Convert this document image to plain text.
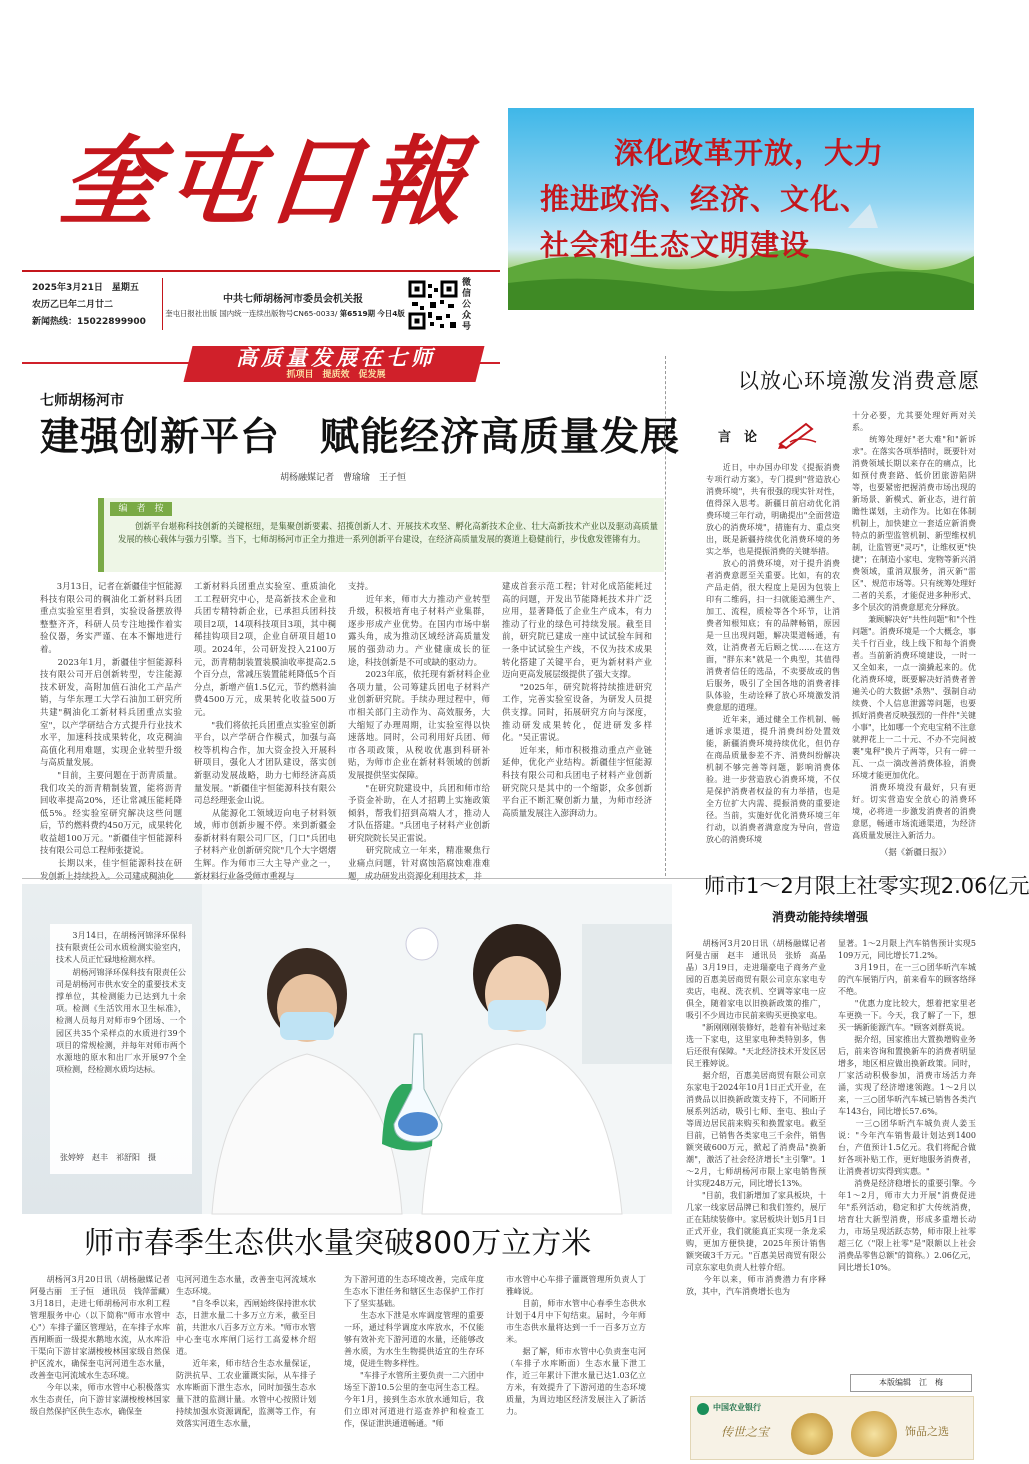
奎屯日報
2025年3月21日　星期五
农历乙巳年二月廿二
新闻热线：15022899900
中共七师胡杨河市委员会机关报
奎屯日报社出版 国内统一连续出版物号CN65-0033/ 第6519期 今日4版
微信公众号
深化改革开放，大力
推进政治、经济、文化、
社会和生态文明建设
高质量发展在七师
抓项目　提质效　促发展
七师胡杨河市
建强创新平台　赋能经济高质量发展
胡杨融媒记者　曹瑜瑜　王子恒
编　者　按
　　创新平台堪称科技创新的关键枢纽，是集聚创新要素、招揽创新人才、开展技术攻坚、孵化高新技术企业、壮大高新技术产业以及驱动高质量发展的核心载体与强力引擎。当下，七师胡杨河市正全力推进一系列创新平台建设，在经济高质量发展的赛道上稳健前行，步伐愈发铿锵有力。
　　3月13日，记者在新疆佳宇恒能源科技有限公司的稠油化工新材料兵团重点实验室里看到，实验设备摆放得整整齐齐，科研人员专注地操作着实验仪器，务实严谨、在本不懈地进行着。
　　2023年1月，新疆佳宇恒能源科技有限公司开启创新转型，专注能源技术研发，高附加值石油化工产品产销，与华东理工大学石油加工研究所共建"稠油化工新材料兵团重点实验室"，以产学研结合方式提升行业技术水平，加速科技成果转化，攻克稠油高值化利用难题，实现企业转型升级与高质量发展。
　　"目前，主要问题在于沥青质量。我们攻关的沥青精制装置，能将沥青回收率提高20%，还让常减压能耗降低5%。经实验室研究解决这些问题后，节约燃料费约450万元，成果转化收益超100万元。"新疆佳宇恒能源科技有限公司总工程师张捷说。
　　长期以来，佳宇恒能源科技在研发创新上持续投入。公司建成稠油化
工新材料兵团重点实验室、重质油化工工程研究中心，是高新技术企业和兵团专精特新企业，已承担兵团科技项目2项，14项科技项目3项，其中稠稀挂钩项目2项，企业自研项目超10项。2024年，公司研发投入2100万元，沥青精制装置装膜油收率提高2.5个百分点，常减压装置能耗降低5个百分点，新增产值1.5亿元，节约燃料油费4500万元，成果转化收益500万元。
　　"我们将依托兵团重点实验室创新平台，以产学研合作模式，加强与高校等机构合作，加大资金投入开展科研项目，强化人才团队建设，落实创新驱动发展战略，助力七师经济高质量发展。"新疆佳宇恒能源科技有限公司总经理张金山说。
　　从能源化工领域迈向电子材料领域，师市创新步履不停。来到新疆金泰新材料有限公司厂区，门口"兵团电子材料产业创新研究院"几个大字熠熠生辉。作为师市三大主导产业之一，新材料行业备受师市重视与
支持。
　　近年来，师市大力推动产业转型升级，积极培育电子材料产业集群，逐步形成产业优势。在国内市场中崭露头角，成为推动区域经济高质量发展的强劲动力。产业健康成长的征途，科技创新是不可或缺的驱动力。
　　2023年底，依托现有新材料企业各项力量，公司筹建兵团电子材料产业创新研究院。手续办理过程中，师市相关部门主动作为、高效服务，大大缩短了办理周期，让实验室得以快速落地。同时，公司利用好兵团、师市各项政策，从税收优惠到科研补贴，为师市企业在新材料领域的创新发展提供坚实保障。
　　"在研究院建设中，兵团和师市给予资金补助，在人才招聘上实施政策倾斜，帮我们招到高端人才，推动人才队伍搭建。"兵团电子材料产业创新研究院院长吴正雷说。
　　研究院成立一年来，精准聚焦行业痛点问题，针对腐蚀箔腐蚀难准难题，成功研发出资源化利用技术，并
建成首套示范工程；针对化成箔能耗过高的问题，开发出节能降耗技术并广泛应用，显著降低了企业生产成本，有力推动了行业的绿色可持续发展。截至目前，研究院已建成一座中试试验车间和一条中试试验生产线，不仅为技术成果转化搭建了关键平台，更为新材料产业迈向更高发展层级提供了强大支撑。
　　"2025年，研究院将持续推进研究工作，完善实验室设备，为研发人员提供支撑。同时，拓展研究方向与深度，推动研发成果转化，促进研发多样化。"吴正雷说。
　　近年来，师市积极推动重点产业链延伸，优化产业结构。新疆佳宇恒能源科技有限公司和兵团电子材料产业创新研究院只是其中的一个缩影，众多创新平台正不断汇聚创新力量，为师市经济高质量发展注入澎湃动力。
以放心环境激发消费意愿
言　论
　　近日，中办国办印发《提振消费专项行动方案》，专门提到"营造放心消费环境"，共有很强的现实针对性，值得深入思考。新疆日前启动优化消费环境三年行动，明确提出"全面营造放心的消费环境"，措施有力、重点突出，既是新疆持续优化消费环境的务实之举，也是提振消费的关键举措。
　　放心的消费环境，对于提升消费者消费意愿至关重要。比如，有的农产品走俏，很大程度上是因为包装上印有二维码，扫一扫就能追溯生产、加工、流程，质检等各个环节，让消费者知根知底；有的品牌畅销，原因是一旦出现问题，解决渠道畅通，有效，让消费者无后顾之忧……在这方面，"胖东来"就是一个典型，其值得消费者信任的选品，不卖要故或的售后服务，吸引了全国各地的消费者排队体验，生动诠释了放心环境激发消费意愿的道理。
　　近年来，通过健全工作机制、畅通诉求渠道，提升消费纠纷处置效能，新疆消费环境持续优化，但仍存在商品质量参差不齐、消费纠纷解决机制不够完善等问题，影响消费体验。进一步营造放心消费环境，不仅是保护消费者权益的有力举措，也是全方位扩大内需、提振消费的重要途径。当前，实施好优化消费环境三年行动，以消费者满意度为导向，营造放心的消费环境
十分必要，尤其要处理好两对关系。
　　统筹处理好"老大难"和"新诉求"。在落实各项举措时，既要针对消费领域长期以来存在的痛点，比如预付费套路、低价团旅游陷阱等，也要紧密把握消费市场出现的新场景、新模式、新业态，进行前瞻性谋划，主动作为。比如在体制机制上，加快建立一套适应新消费特点的新型监管机制、新型维权机制，让监管更"灵巧"，让维权更"快捷"；在制造小家电、宠物等新兴消费领域，重消双服务，消灭新"雷区"、规范市场等。只有统筹处理好二者的关系，才能促进多种形式、多个层次的消费意愿充分释放。
　　兼顾解决好"共性问题"和"个性问题"。消费环境是一个大概念，事关千行百业，线上线下和每个消费者。当前新消费环境建设，一时一又全如来，一点一滴撬起来的。优化消费环境，既要解决好消费者普遍关心的大数据"杀熟"、强制自动续费、个人信息泄露等问题，也要抓好消费者反映强烈的一件件"关键小事"，比如哪一个充电宝稍不注意就押花上一二十元、不办不完间被裹"鬼秤"换片子两等，只有一碎一瓦、一点一滴改善消费体验，消费环境才能更加优化。
　　消费环境没有最好，只有更好。切实营造安全放心的消费环境，必将进一步激发消费者的消费意愿，畅通市场流通渠道，为经济高质量发展注入新活力。
（据《新疆日报》）
　　3月14日，在胡杨河锦泽环保科技有限责任公司水质检测实验室内，技术人员正忙碌地检测水样。
　　胡杨河锦泽环保科技有限责任公司是胡杨河市供水安全的重要技术支撑单位，其检测能力已达到九十余项。检测《生活饮用水卫生标准》，检测人员每月对师市9个团场、一个园区共35个采样点的水质进行39个项目的常规检测，并每年对师市两个水源地的原水和出厂水开展97个全项检测，经检测水质均达标。
张婷婷　赵丰　祁舒阳　摄
师市1～2月限上社零实现2.06亿元
消费动能持续增强
　　胡杨河3月20日讯（胡杨融媒记者　阿曼古丽　赵丰　通讯员　张娇　高晶晶）3月19日，走进瑞豪电子商务产业园的百惠美居商贸有限公司京东家电专卖店，电视、洗衣机、空调等家电一应俱全，随着家电以旧换新政策的推广，吸引不少周边市民前来购买更换家电。
　　"新刚刚刚装修好，趁着有补贴过来选一下家电，这里家电种类特别多，售后还很有保障。"天北经济技术开发区居民王雅婷说。
　　据介绍，百惠美居商贸有限公司京东家电于2024年10月1日正式开业，在消费品以旧换新政策支持下，不同断开展系列活动，吸引七师、奎屯、独山子等周边居民前来购买和换置家电。截至目前，已销售各类家电三千余件，销售额突破600万元，掀起了消费品"换新潮"，激活了社会经济增长"主引擎"。1～2月，七师胡杨河市限上家电销售预计实现248万元，同比增长13%。
　　"目前，我们新增加了家具板块，十几家一线家居品牌已和我们签约，展厅正在陆续装修中。家居板块计划5月1日正式开业，我们就能真正实现一条龙采购，更加方便快捷，2025年预计销售额突破3千万元。"百惠美居商贸有限公司京东家电负责人杜蓉介绍。
　　今年以来，师市消费潜力有序释放，其中，汽车消费增长也为
显著。1～2月限上汽车销售预计实现5109万元，同比增长71.2%。
　　3月19日，在一三○团华昕汽车城的汽车展销厅内，前来看车的顾客络绎不绝。
　　"优惠力度比较大，想着把家里老车更换一下。今天，我了解了一下，想买一辆新能源汽车。"顾客刘群英说。
　　据介绍，国家推出大置换增购业务后，前来咨询和置换新车的消费者明显增多，地区相应做出换新政策。同时，厂家活动积极参加，消费市场活力奔涌，实现了经济增速领跑。1～2月以来，一三○团华昕汽车城已销售各类汽车143台，同比增长57.6%。
　　一三○团华昕汽车城负责人姜玉说："今年汽车销售最计划达到1400台，产值预计1.5亿元。我们将配合做好各项补贴工作，更好地服务消费者，让消费者切实得到实惠。"
　　消费是经济稳增长的重要引擎。今年1～2月，师市大力开展"消费促进年"系列活动，稳定和扩大传统消费，培育壮大新型消费，形成多重增长动力，市场呈现活跃态势，师市限上社零超三亿（"限上社零"是"限额以上社会消费品零售总额"的简称。）2.06亿元，同比增长10%。
本版编辑　江　梅
师市春季生态供水量突破800万立方米
　　胡杨河3月20日讯（胡杨融媒记者　阿曼古丽　王子恒　通讯员　钱萍蕾藏）3月18日，走进七师胡杨河市水利工程管理服务中心（以下简称"师市水管中心"）车排子灌区管理站，在车排子水库西闸断面一级提水鹅地水流，从水库沿干渠向下游甘家湖梭梭林国家级自然保护区流水，确保奎屯河河道生态水量，改善奎屯河流域水生态环境。
　　今年以来，师市水管中心积极落实水生态责任，向下游甘家湖梭梭林国家级自然保护区供生态水，确保奎
屯河河道生态水量，改善奎屯河流域水生态环境。
　　"自冬季以来，西闸始终保持泄水状态，日泄水量二十多万立方米，截至目前，共泄水八百多万立方米。"师市水管中心奎屯水库闸门运行工高爱林介绍道。
　　近年来，师市结合生态水量保证，防洪抗旱、工农业灌溉实际，从车排子水库断面下泄生态水，同时加强生态水量下泄的监测计量。水管中心按照计划持续加强水资源调配，监测等工作，有效落实河道生态水量，
为下游河道的生态环境改善，完成年度生态水下泄任务和辖区生态保护工作打下了坚实基础。
　　生态水下泄是水库调度管理的重要一环，通过科学调度水库放水，不仅能够有效补充下游河道的水量，还能够改善水质，为水生生物提供适宜的生存环境，促进生物多样性。
　　"车排子水管所主要负责一二六团中场至下游10.5公里的奎屯河生态工程。今年1月，接到生态水放水通知后，我们立即对河道进行巡查养护和检查工作，保证泄洪通道畅通。"师
市水管中心车排子灌溉管理所负责人丁雅峰说。
　　目前，师市水管中心春季生态供水计划于4月中下旬结束。届时，今年师市生态供水量将达到一千一百多万立方米。
　　据了解，师市水管中心负责奎屯河（车排子水库断面）生态水量下泄工作，近三年累计下泄水量已达1.03亿立方米，有效提升了下游河道的生态环境质量，为周边地区经济发展注入了新活力。	中国农业银行
传世之宝	饰品之选
